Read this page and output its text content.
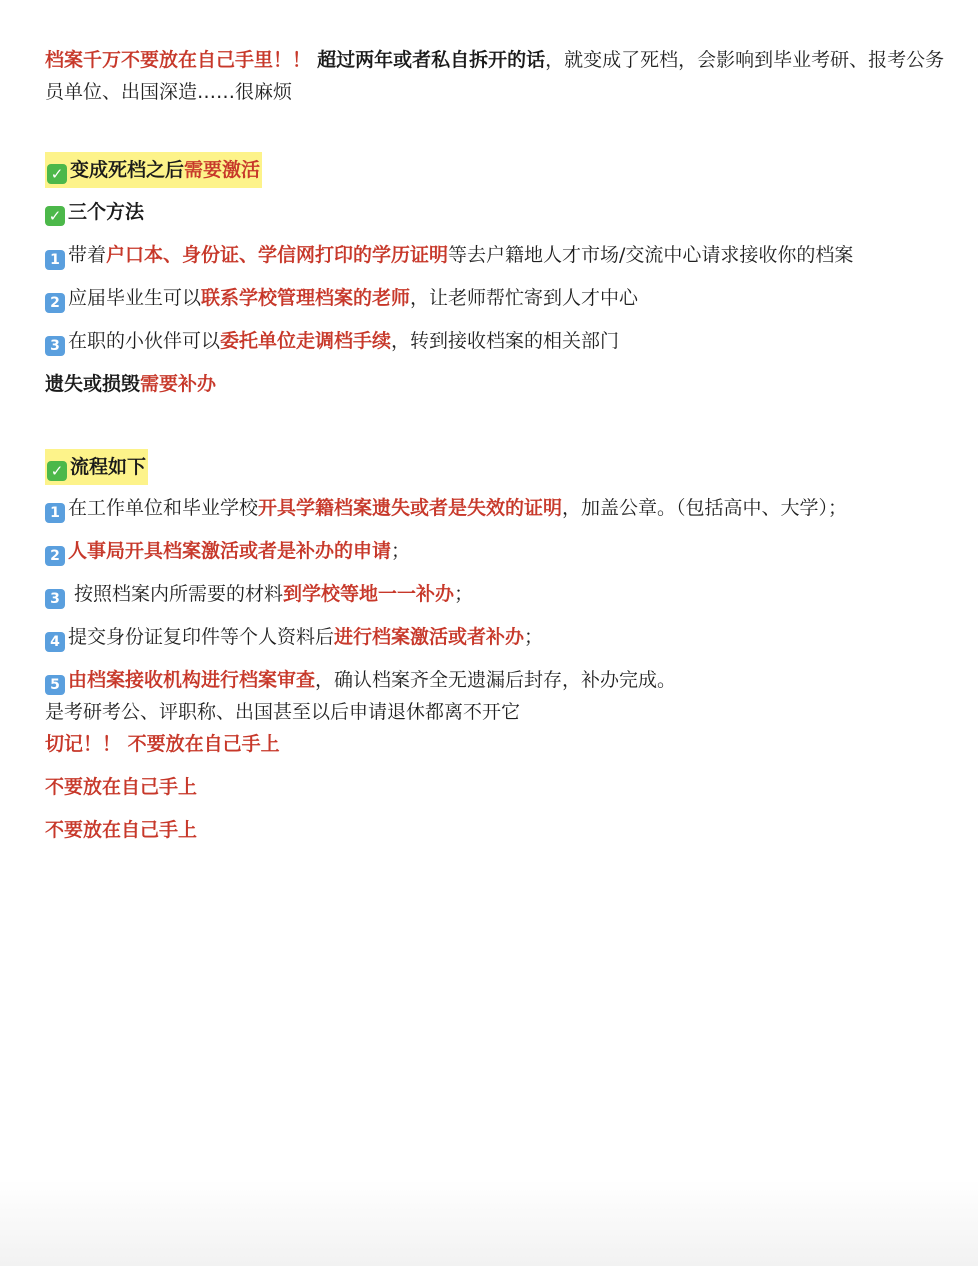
档案千万不要放在自己手里！！ 超过两年或者私自拆开的话，就变成了死档，会影响到毕业考研、报考公务员单位、出国深造……很麻烦

✓ 变成死档之后需要激活
✓ 三个方法
1 带着户口本、身份证、学信网打印的学历证明等去户籍地人才市场/交流中心请求接收你的档案
2 应届毕业生可以联系学校管理档案的老师，让老师帮忙寄到人才中心
3 在职的小伙伴可以委托单位走调档手续，转到接收档案的相关部门
遗失或损毁需要补办
✓ 流程如下
1 在工作单位和毕业学校开具学籍档案遗失或者是失效的证明，加盖公章。（包括高中、大学）；
2 人事局开具档案激活或者是补办的申请；
3 按照档案内所需要的材料到学校等地一一补办；
4 提交身份证复印件等个人资料后进行档案激活或者补办；
5 由档案接收机构进行档案审查，确认档案齐全无遗漏后封存，补办完成。
是考研考公、评职称、出国甚至以后申请退休都离不开它
切记！！ 不要放在自己手上
不要放在自己手上
不要放在自己手上
